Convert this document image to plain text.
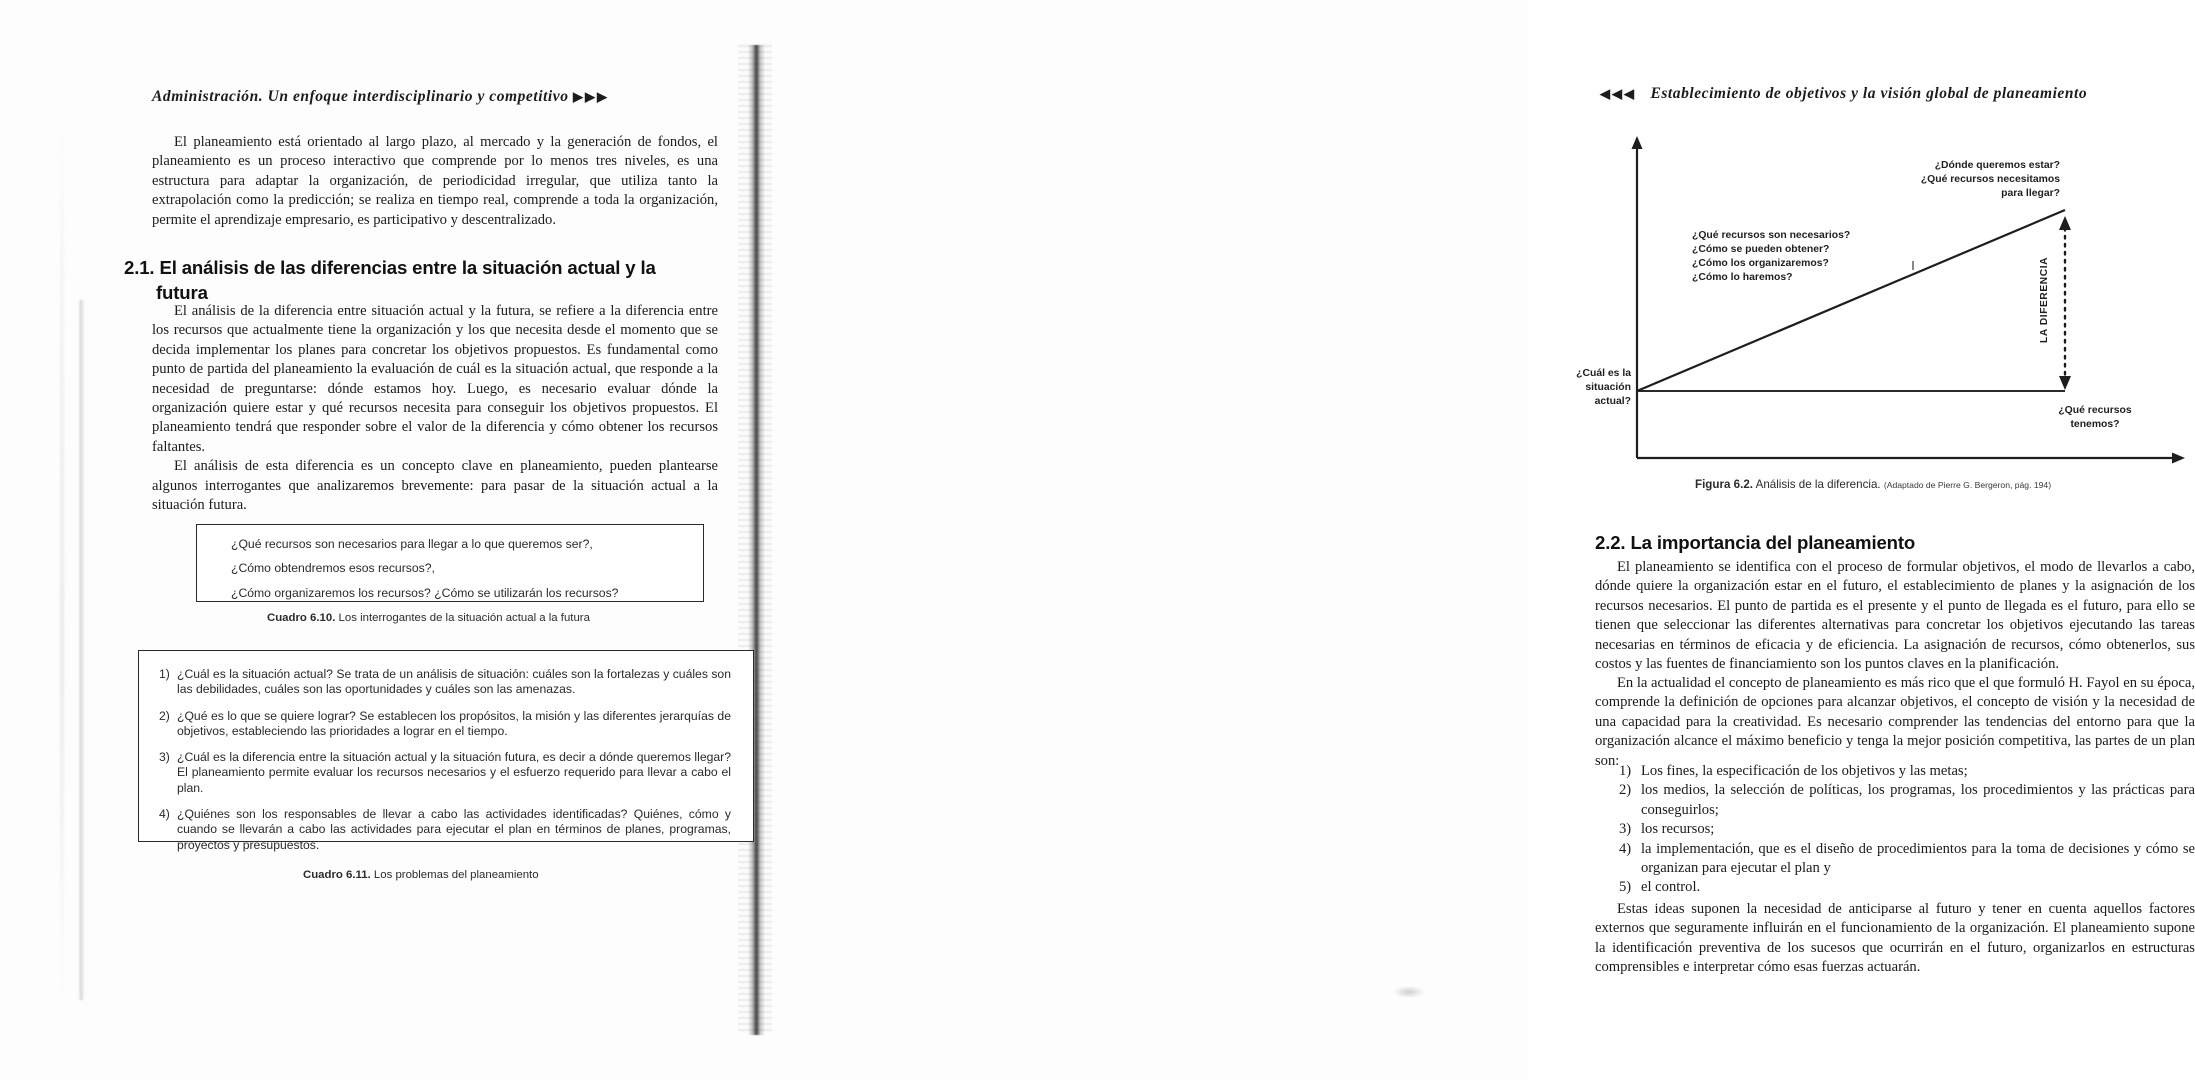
Administración. Un enfoque interdisciplinario y competitivo ▶▶▶

El planeamiento está orientado al largo plazo, al mercado y la generación de fondos, el planeamiento es un proceso interactivo que comprende por lo menos tres niveles, es una estructura para adaptar la organización, de periodicidad irregular, que utiliza tanto la extrapolación como la predicción; se realiza en tiempo real, comprende a toda la organización, permite el aprendizaje empresario, es participativo y descentralizado.

2.1. El análisis de las diferencias entre la situación actual y la
futura

El análisis de la diferencia entre situación actual y la futura, se refiere a la diferencia entre los recursos que actualmente tiene la organización y los que necesita desde el momento que se decida implementar los planes para concretar los objetivos propuestos. Es fundamental como punto de partida del planeamiento la evaluación de cuál es la situación actual, que responde a la necesidad de preguntarse: dónde estamos hoy. Luego, es necesario evaluar dónde la organización quiere estar y qué recursos necesita para conseguir los objetivos propuestos. El planeamiento tendrá que responder sobre el valor de la diferencia y cómo obtener los recursos faltantes.

El análisis de esta diferencia es un concepto clave en planeamiento, pueden plantearse algunos interrogantes que analizaremos brevemente: para pasar de la situación actual a la situación futura.

¿Qué recursos son necesarios para llegar a lo que queremos ser?,
¿Cómo obtendremos esos recursos?,
¿Cómo organizaremos los recursos? ¿Cómo se utilizarán los recursos?
Cuadro 6.10. Los interrogantes de la situación actual a la futura
1) ¿Cuál es la situación actual? Se trata de un análisis de situación: cuáles son la fortalezas y cuáles son las debilidades, cuáles son las oportunidades y cuáles son las amenazas.
2) ¿Qué es lo que se quiere lograr? Se establecen los propósitos, la misión y las diferentes jerarquías de objetivos, estableciendo las prioridades a lograr en el tiempo.
3) ¿Cuál es la diferencia entre la situación actual y la situación futura, es decir a dónde queremos llegar? El planeamiento permite evaluar los recursos necesarios y el esfuerzo requerido para llevar a cabo el plan.
4) ¿Quiénes son los responsables de llevar a cabo las actividades identificadas? Quiénes, cómo y cuando se llevarán a cabo las actividades para ejecutar el plan en términos de planes, programas, proyectos y presupuestos.
Cuadro 6.11. Los problemas del planeamiento
◀◀◀ Establecimiento de objetivos y la visión global de planeamiento
LA DIFERENCIA
¿Dónde queremos estar?
¿Qué recursos necesitamos
para llegar?
¿Qué recursos son necesarios?
¿Cómo se pueden obtener?
¿Cómo los organizaremos?
¿Cómo lo haremos?
¿Cuál es la
situación
actual?
¿Qué recursos
tenemos?
Figura 6.2. Análisis de la diferencia. (Adaptado de Pierre G. Bergeron, pág. 194)
2.2. La importancia del planeamiento

El planeamiento se identifica con el proceso de formular objetivos, el modo de llevarlos a cabo, dónde quiere la organización estar en el futuro, el establecimiento de planes y la asignación de los recursos necesarios. El punto de partida es el presente y el punto de llegada es el futuro, para ello se tienen que seleccionar las diferentes alternativas para concretar los objetivos ejecutando las tareas necesarias en términos de eficacia y de eficiencia. La asignación de recursos, cómo obtenerlos, sus costos y las fuentes de financiamiento son los puntos claves en la planificación.

En la actualidad el concepto de planeamiento es más rico que el que formuló H. Fayol en su época, comprende la definición de opciones para alcanzar objetivos, el concepto de visión y la necesidad de una capacidad para la creatividad. Es necesario comprender las tendencias del entorno para que la organización alcance el máximo beneficio y tenga la mejor posición competitiva, las partes de un plan son:

1) Los fines, la especificación de los objetivos y las metas;
2) los medios, la selección de políticas, los programas, los procedimientos y las prácticas para conseguirlos;
3) los recursos;
4) la implementación, que es el diseño de procedimientos para la toma de decisiones y cómo se organizan para ejecutar el plan y
5) el control.

Estas ideas suponen la necesidad de anticiparse al futuro y tener en cuenta aquellos factores externos que seguramente influirán en el funcionamiento de la organización. El planeamiento supone la identificación preventiva de los sucesos que ocurrirán en el futuro, organizarlos en estructuras comprensibles e interpretar cómo esas fuerzas actuarán.
